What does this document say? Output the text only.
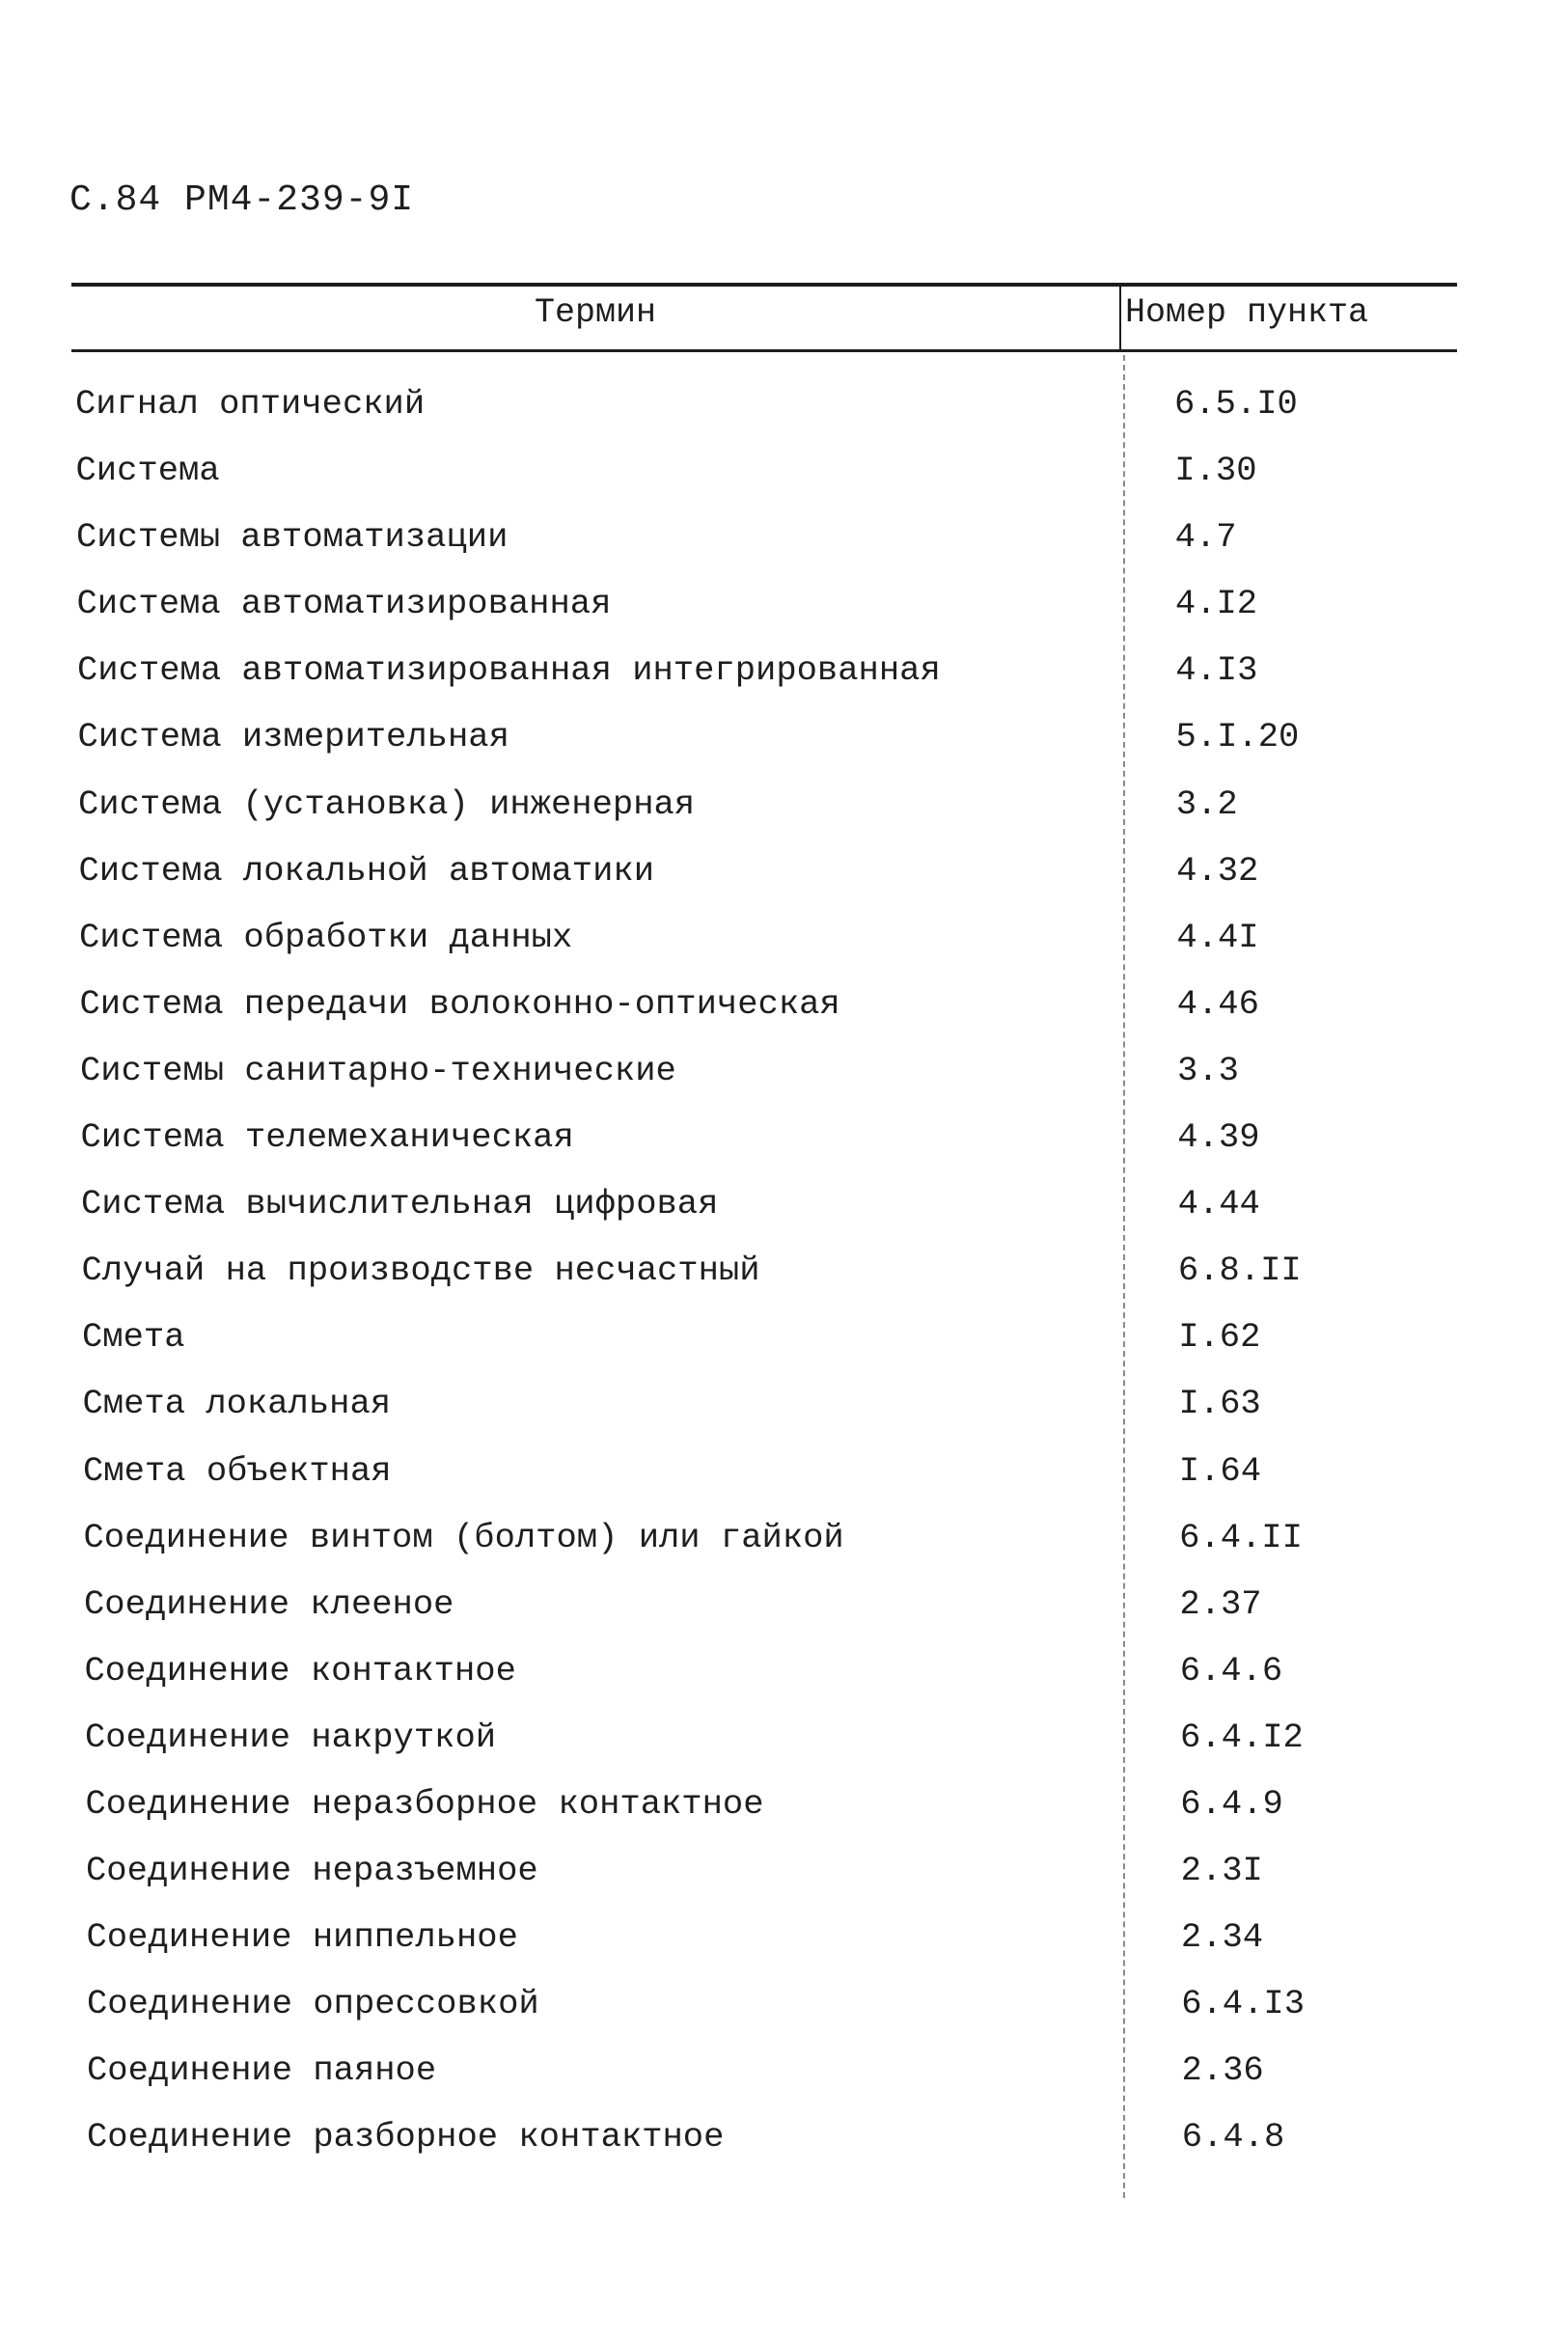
С.84 РМ4-239-9I
Термин	Номер пункта
Сигнал оптический	6.5.I0
Система	I.30
Системы автоматизации	4.7
Система автоматизированная	4.I2
Система автоматизированная интегрированная	4.I3
Система измерительная	5.I.20
Система (установка) инженерная	3.2
Система локальной автоматики	4.32
Система обработки данных	4.4I
Система передачи волоконно-оптическая	4.46
Системы санитарно-технические	3.3
Система телемеханическая	4.39
Система вычислительная цифровая	4.44
Случай на производстве несчастный	6.8.II
Смета	I.62
Смета локальная	I.63
Смета объектная	I.64
Соединение винтом (болтом) или гайкой	6.4.II
Соединение клееное	2.37
Соединение контактное	6.4.6
Соединение накруткой	6.4.I2
Соединение неразборное контактное	6.4.9
Соединение неразъемное	2.3I
Соединение ниппельное	2.34
Соединение опрессовкой	6.4.I3
Соединение паяное	2.36
Соединение разборное контактное	6.4.8
